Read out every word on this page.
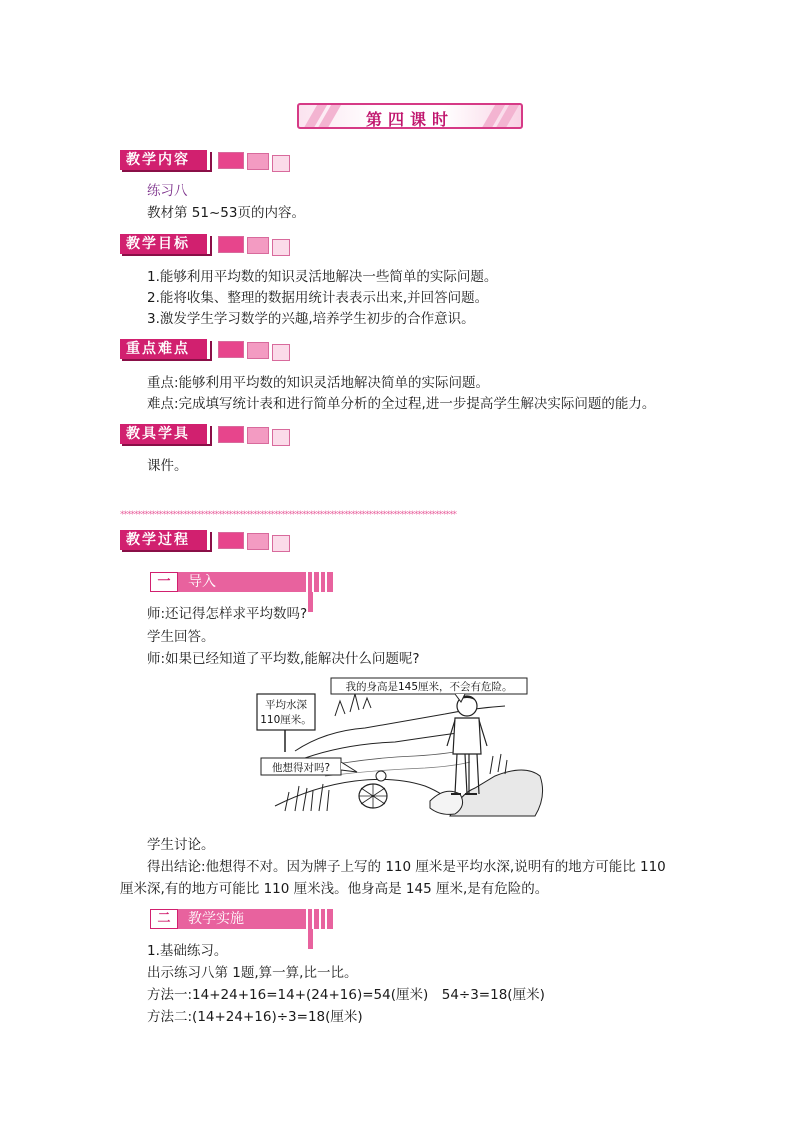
第四课时
教学内容
练习八
教材第 51~53页的内容。
教学目标
1.能够利用平均数的知识灵活地解决一些简单的实际问题。
2.能将收集、整理的数据用统计表表示出来,并回答问题。
3.激发学生学习数学的兴趣,培养学生初步的合作意识。
重点难点
重点:能够利用平均数的知识灵活地解决简单的实际问题。
难点:完成填写统计表和进行简单分析的全过程,进一步提高学生解决实际问题的能力。
教具学具
课件。
************************************************************************************************
教学过程
一	导入
师:还记得怎样求平均数吗?
学生回答。
师:如果已经知道了平均数,能解决什么问题呢?
平均水深
110厘米。
我的身高是145厘米，不会有危险。
他想得对吗?
学生讨论。
得出结论:他想得不对。因为牌子上写的 110 厘米是平均水深,说明有的地方可能比 110
厘米深,有的地方可能比 110 厘米浅。他身高是 145 厘米,是有危险的。
二	教学实施
1.基础练习。
出示练习八第 1题,算一算,比一比。
方法一:14+24+16=14+(24+16)=54(厘米)　54÷3=18(厘米)
方法二:(14+24+16)÷3=18(厘米)
